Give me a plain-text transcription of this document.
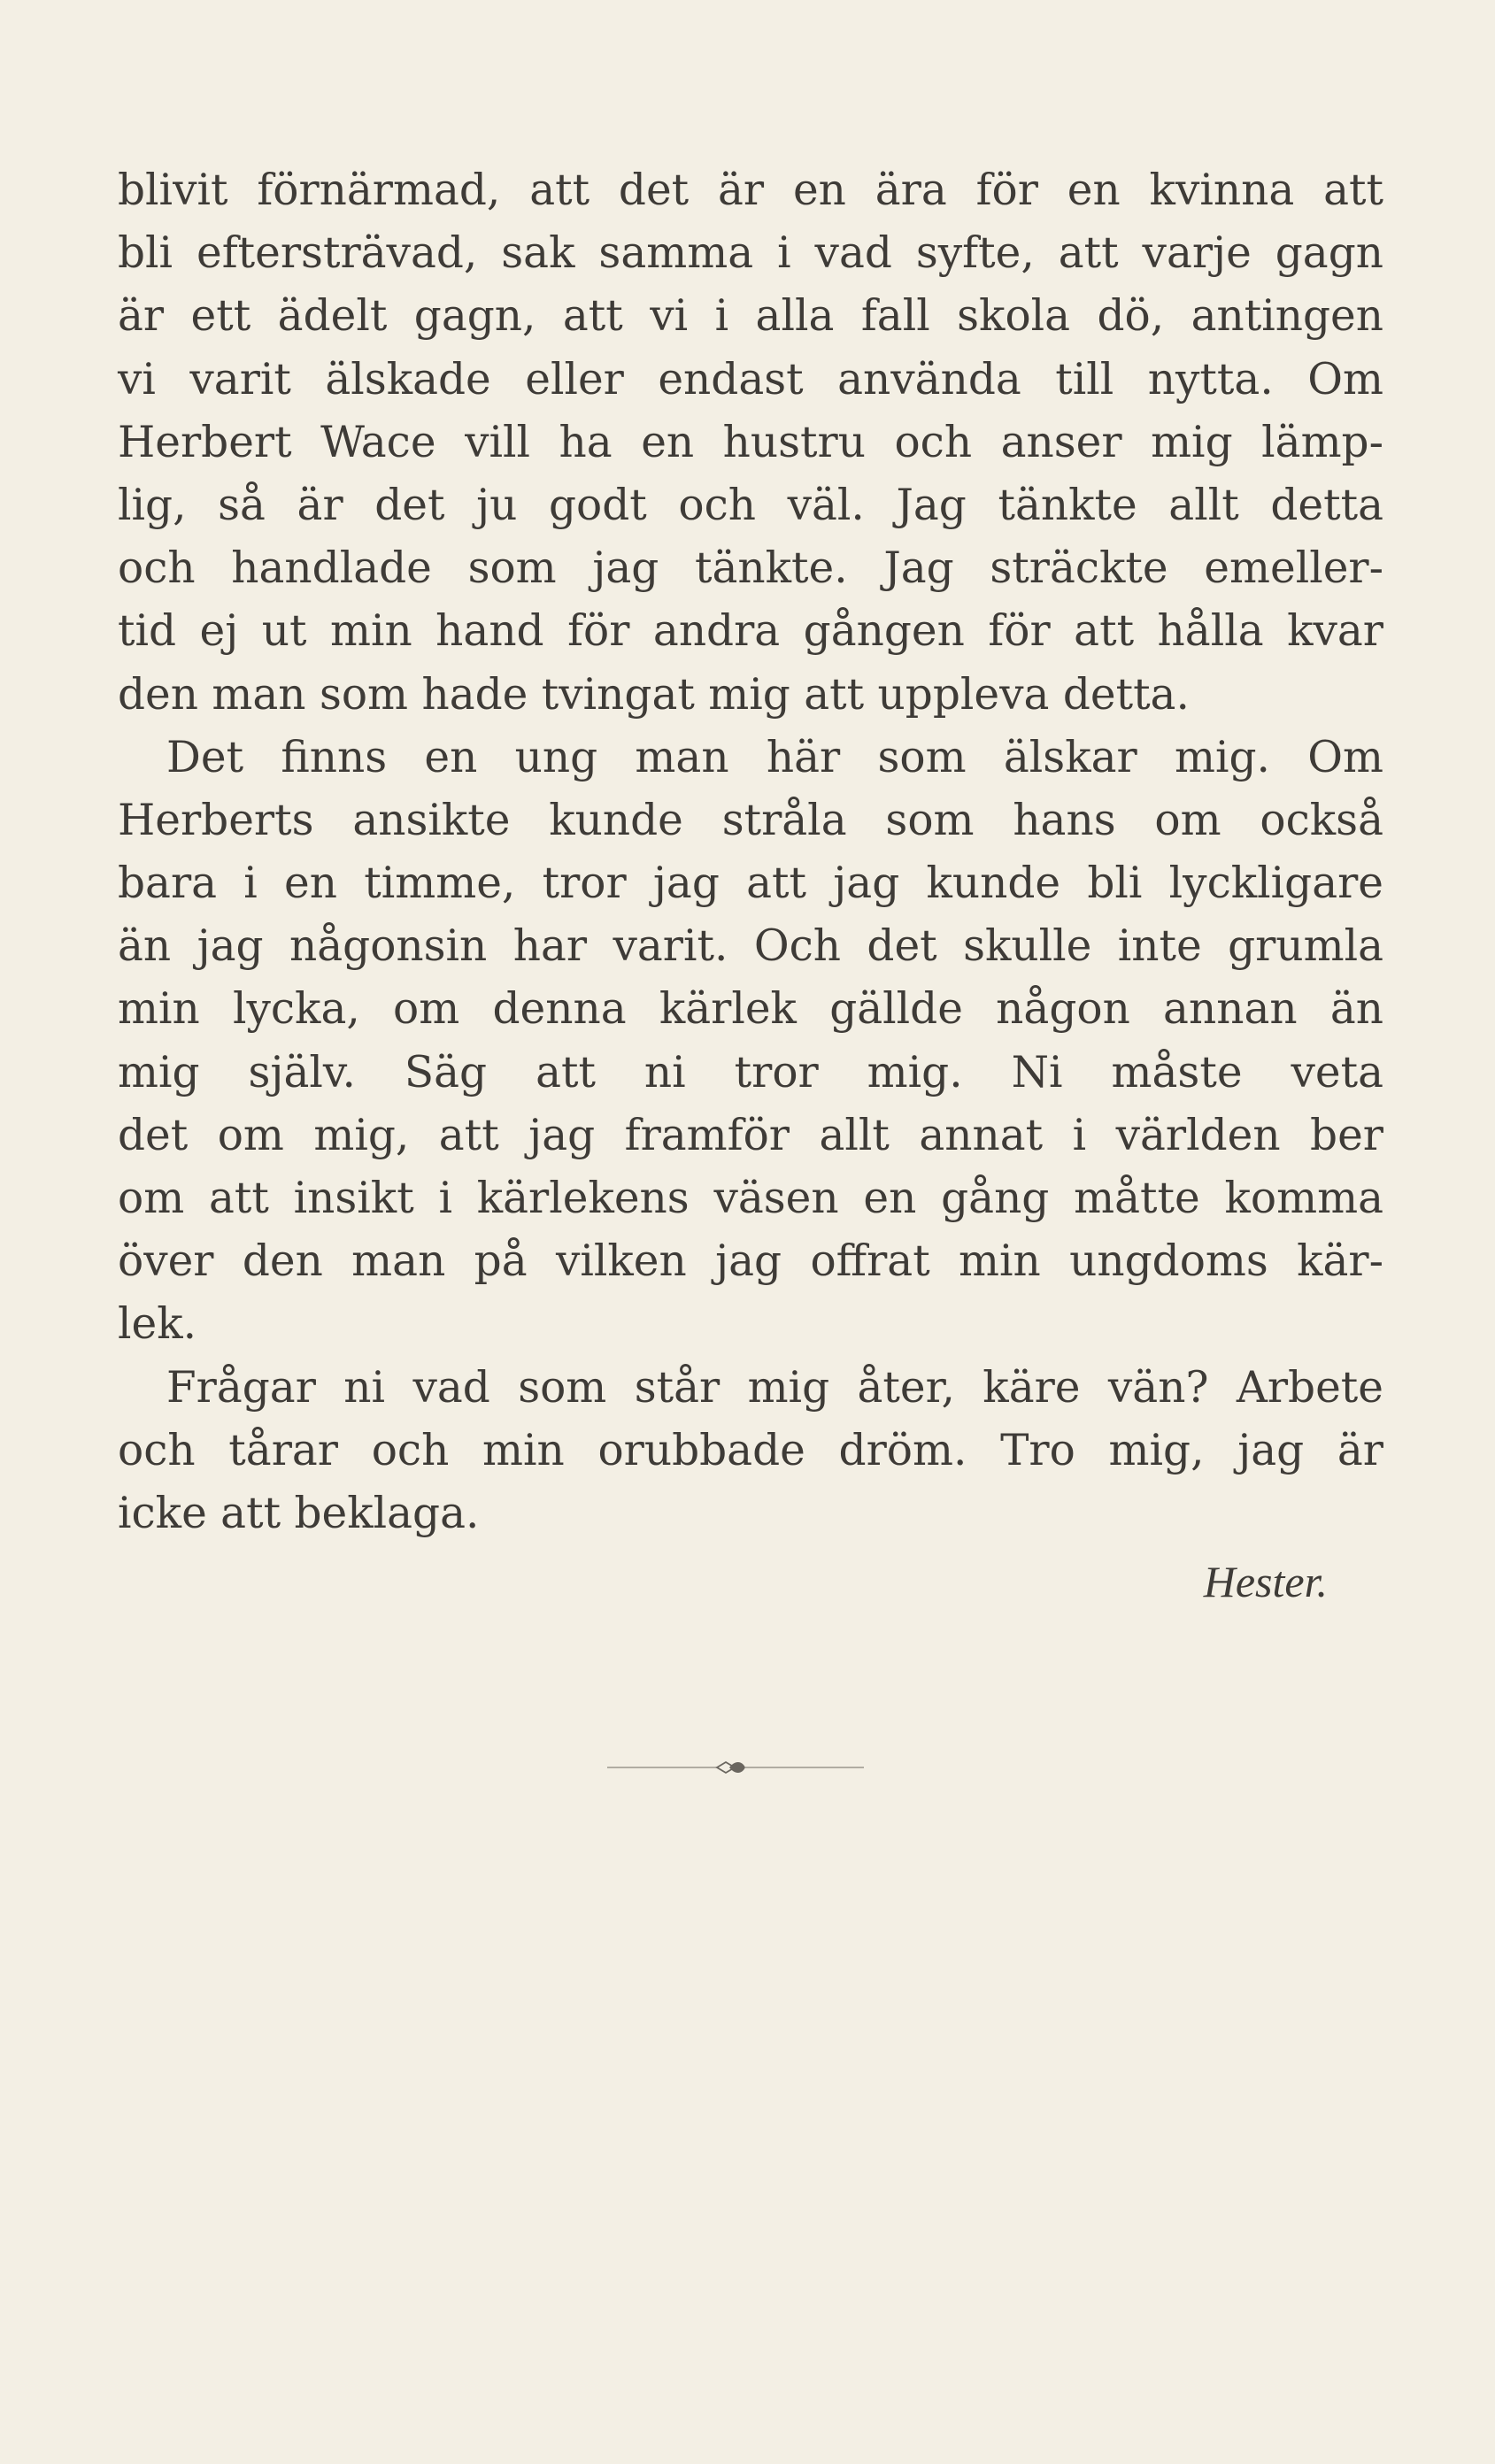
blivit förnärmad, att det är en ära för en kvinna att
bli eftersträvad, sak samma i vad syfte, att varje gagn
är ett ädelt gagn, att vi i alla fall skola dö, antingen
vi varit älskade eller endast använda till nytta. Om
Herbert Wace vill ha en hustru och anser mig lämp-
lig, så är det ju godt och väl. Jag tänkte allt detta
och handlade som jag tänkte. Jag sträckte emeller-
tid ej ut min hand för andra gången för att hålla kvar
den man som hade tvingat mig att uppleva detta.
Det finns en ung man här som älskar mig. Om
Herberts ansikte kunde stråla som hans om också
bara i en timme, tror jag att jag kunde bli lyckligare
än jag någonsin har varit. Och det skulle inte grumla
min lycka, om denna kärlek gällde någon annan än
mig själv. Säg att ni tror mig. Ni måste veta
det om mig, att jag framför allt annat i världen ber
om att insikt i kärlekens väsen en gång måtte komma
över den man på vilken jag offrat min ungdoms kär-
lek.
Frågar ni vad som står mig åter, käre vän? Arbete
och tårar och min orubbade dröm. Tro mig, jag är
icke att beklaga.
Hester.
